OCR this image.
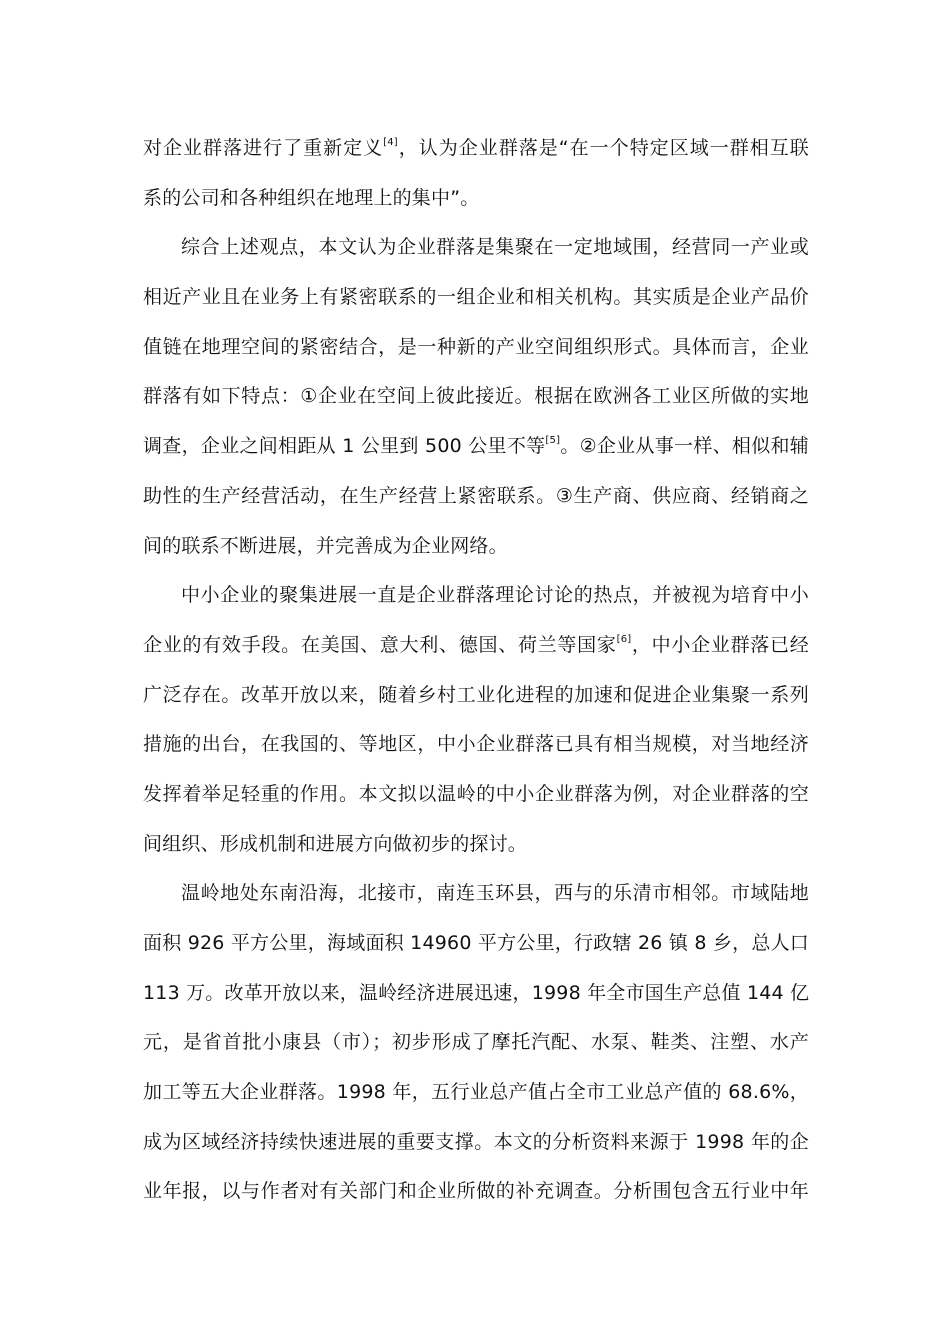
对企业群落进行了重新定义[4]，认为企业群落是“在一个特定区域一群相互联
系的公司和各种组织在地理上的集中”。
综合上述观点，本文认为企业群落是集聚在一定地域围，经营同一产业或
相近产业且在业务上有紧密联系的一组企业和相关机构。其实质是企业产品价
值链在地理空间的紧密结合，是一种新的产业空间组织形式。具体而言，企业
群落有如下特点：①企业在空间上彼此接近。根据在欧洲各工业区所做的实地
调查，企业之间相距从 1 公里到 500 公里不等[5]。②企业从事一样、相似和辅
助性的生产经营活动，在生产经营上紧密联系。③生产商、供应商、经销商之
间的联系不断进展，并完善成为企业网络。
中小企业的聚集进展一直是企业群落理论讨论的热点，并被视为培育中小
企业的有效手段。在美国、意大利、德国、荷兰等国家[6]，中小企业群落已经
广泛存在。改革开放以来，随着乡村工业化进程的加速和促进企业集聚一系列
措施的出台，在我国的、等地区，中小企业群落已具有相当规模，对当地经济
发挥着举足轻重的作用。本文拟以温岭的中小企业群落为例，对企业群落的空
间组织、形成机制和进展方向做初步的探讨。
温岭地处东南沿海，北接市，南连玉环县，西与的乐清市相邻。市域陆地
面积 926 平方公里，海域面积 14960 平方公里，行政辖 26 镇 8 乡，总人口
113 万。改革开放以来，温岭经济进展迅速，1998 年全市国生产总值 144 亿
元，是省首批小康县（市）；初步形成了摩托汽配、水泵、鞋类、注塑、水产
加工等五大企业群落。1998 年，五行业总产值占全市工业总产值的 68.6%，
成为区域经济持续快速进展的重要支撑。本文的分析资料来源于 1998 年的企
业年报，以与作者对有关部门和企业所做的补充调查。分析围包含五行业中年
